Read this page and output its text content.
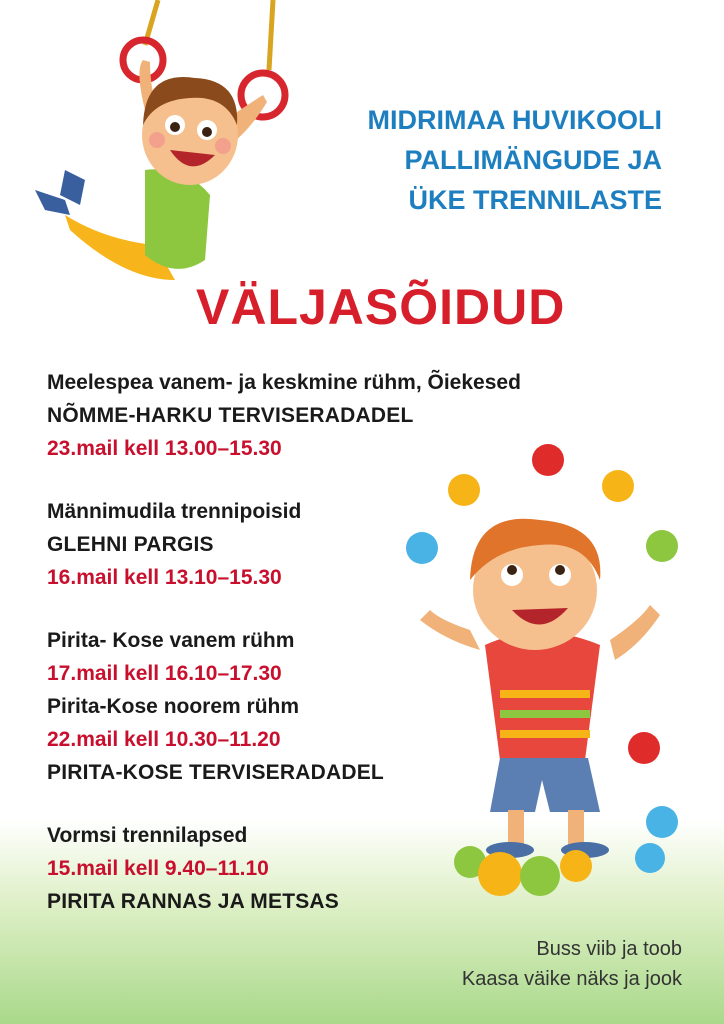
MIDRIMAA HUVIKOOLI
PALLIMÄNGUDE JA
ÜKE TRENNILASTE
VÄLJASÕIDUD
Meelespea vanem- ja keskmine rühm, Õiekesed
NÕMME-HARKU TERVISERADADEL
23.mail kell 13.00–15.30
Männimudila trennipoisid
GLEHNI PARGIS
16.mail kell 13.10–15.30
Pirita- Kose vanem rühm
17.mail kell 16.10–17.30
Pirita-Kose noorem rühm
22.mail kell 10.30–11.20
PIRITA-KOSE TERVISERADADEL
Vormsi trennilapsed
15.mail kell 9.40–11.10
PIRITA RANNAS JA METSAS
Buss viib ja toob
Kaasa väike näks ja jook
